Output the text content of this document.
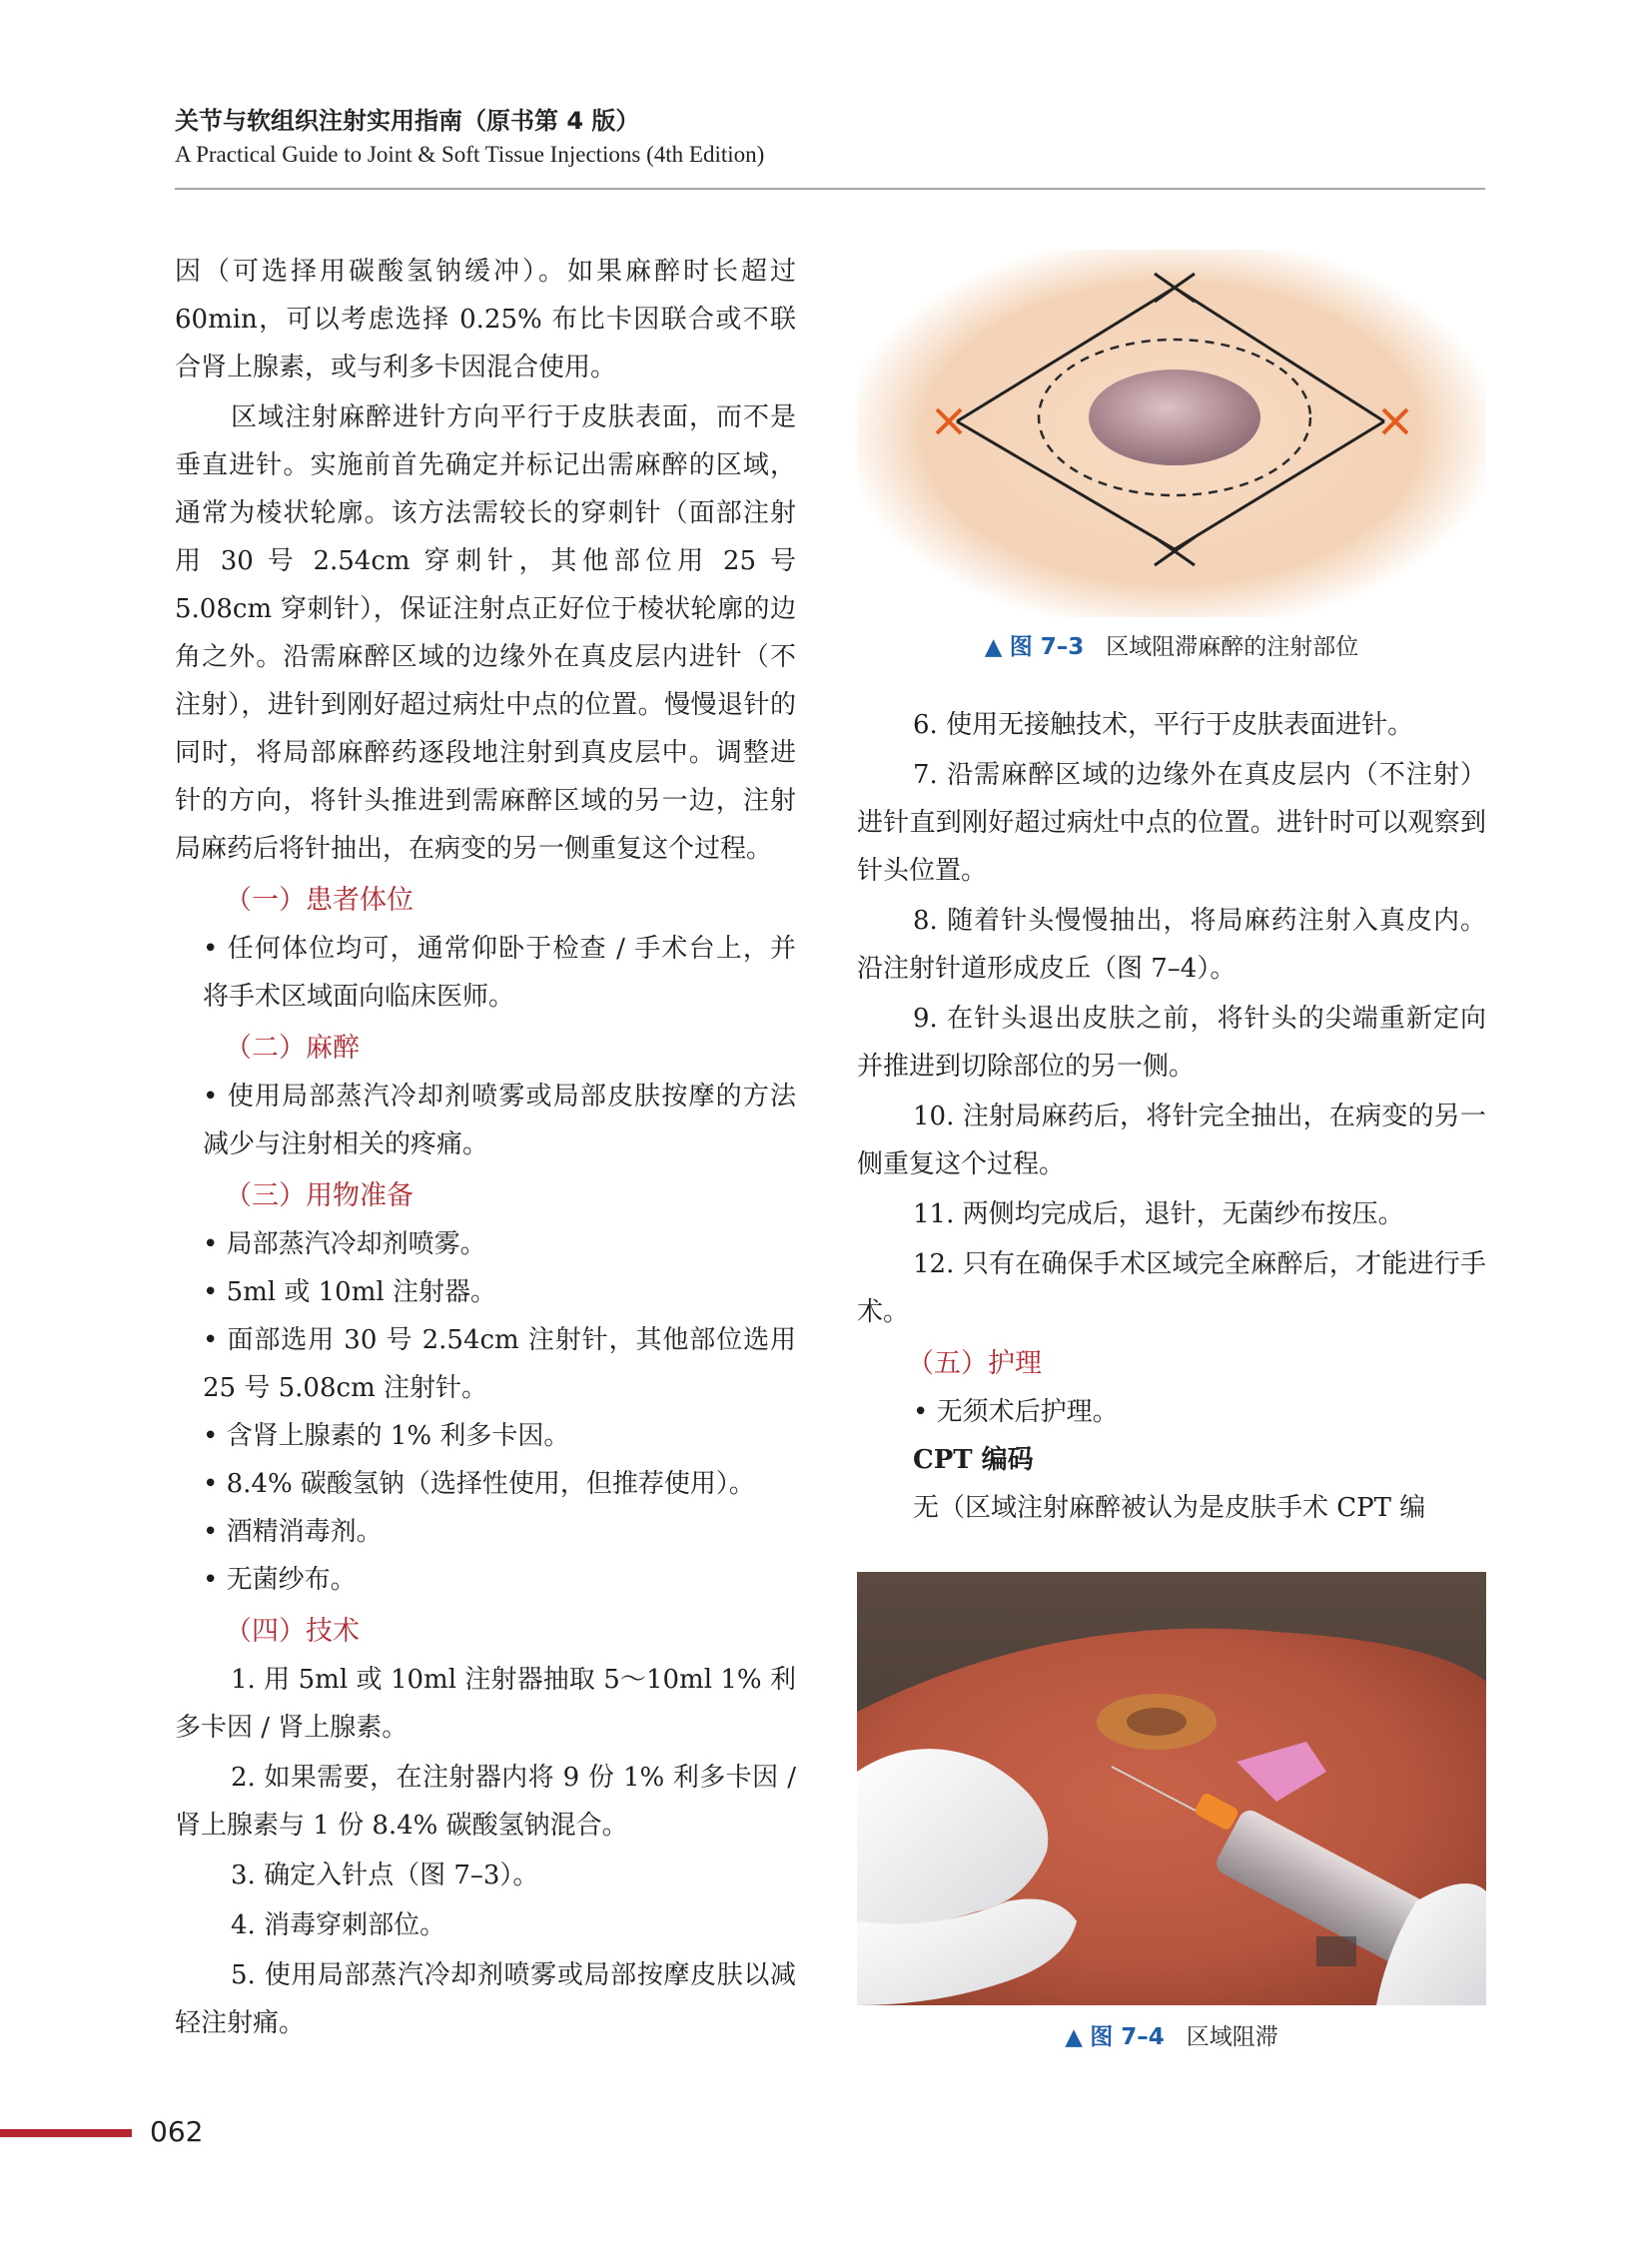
关节与软组织注射实用指南（原书第 4 版）
A Practical Guide to Joint & Soft Tissue Injections (4th Edition)

因（可选择用碳酸氢钠缓冲）。如果麻醉时长超过 60min，可以考虑选择 0.25% 布比卡因联合或不联合肾上腺素，或与利多卡因混合使用。

区域注射麻醉进针方向平行于皮肤表面，而不是垂直进针。实施前首先确定并标记出需麻醉的区域，通常为棱状轮廓。该方法需较长的穿刺针（面部注射用 30 号 2.54cm 穿刺针，其他部位用 25 号 5.08cm 穿刺针），保证注射点正好位于棱状轮廓的边角之外。沿需麻醉区域的边缘外在真皮层内进针（不注射），进针到刚好超过病灶中点的位置。慢慢退针的同时，将局部麻醉药逐段地注射到真皮层中。调整进针的方向，将针头推进到需麻醉区域的另一边，注射局麻药后将针抽出，在病变的另一侧重复这个过程。

（一）患者体位
• 任何体位均可，通常仰卧于检查 / 手术台上，并将手术区域面向临床医师。
（二）麻醉
• 使用局部蒸汽冷却剂喷雾或局部皮肤按摩的方法减少与注射相关的疼痛。
（三）用物准备
• 局部蒸汽冷却剂喷雾。
• 5ml 或 10ml 注射器。
• 面部选用 30 号 2.54cm 注射针，其他部位选用 25 号 5.08cm 注射针。
• 含肾上腺素的 1% 利多卡因。
• 8.4% 碳酸氢钠（选择性使用，但推荐使用）。
• 酒精消毒剂。
• 无菌纱布。
（四）技术

1. 用 5ml 或 10ml 注射器抽取 5～10ml 1% 利多卡因 / 肾上腺素。

2. 如果需要，在注射器内将 9 份 1% 利多卡因 / 肾上腺素与 1 份 8.4% 碳酸氢钠混合。

3. 确定入针点（图 7–3）。

4. 消毒穿刺部位。

5. 使用局部蒸汽冷却剂喷雾或局部按摩皮肤以减轻注射痛。

▲ 图 7–3 区域阻滞麻醉的注射部位

6. 使用无接触技术，平行于皮肤表面进针。

7. 沿需麻醉区域的边缘外在真皮层内（不注射）进针直到刚好超过病灶中点的位置。进针时可以观察到针头位置。

8. 随着针头慢慢抽出，将局麻药注射入真皮内。沿注射针道形成皮丘（图 7–4）。

9. 在针头退出皮肤之前，将针头的尖端重新定向并推进到切除部位的另一侧。

10. 注射局麻药后，将针完全抽出，在病变的另一侧重复这个过程。

11. 两侧均完成后，退针，无菌纱布按压。

12. 只有在确保手术区域完全麻醉后，才能进行手术。

（五）护理
• 无须术后护理。
CPT 编码

无（区域注射麻醉被认为是皮肤手术 CPT 编

▲ 图 7–4 区域阻滞
062
